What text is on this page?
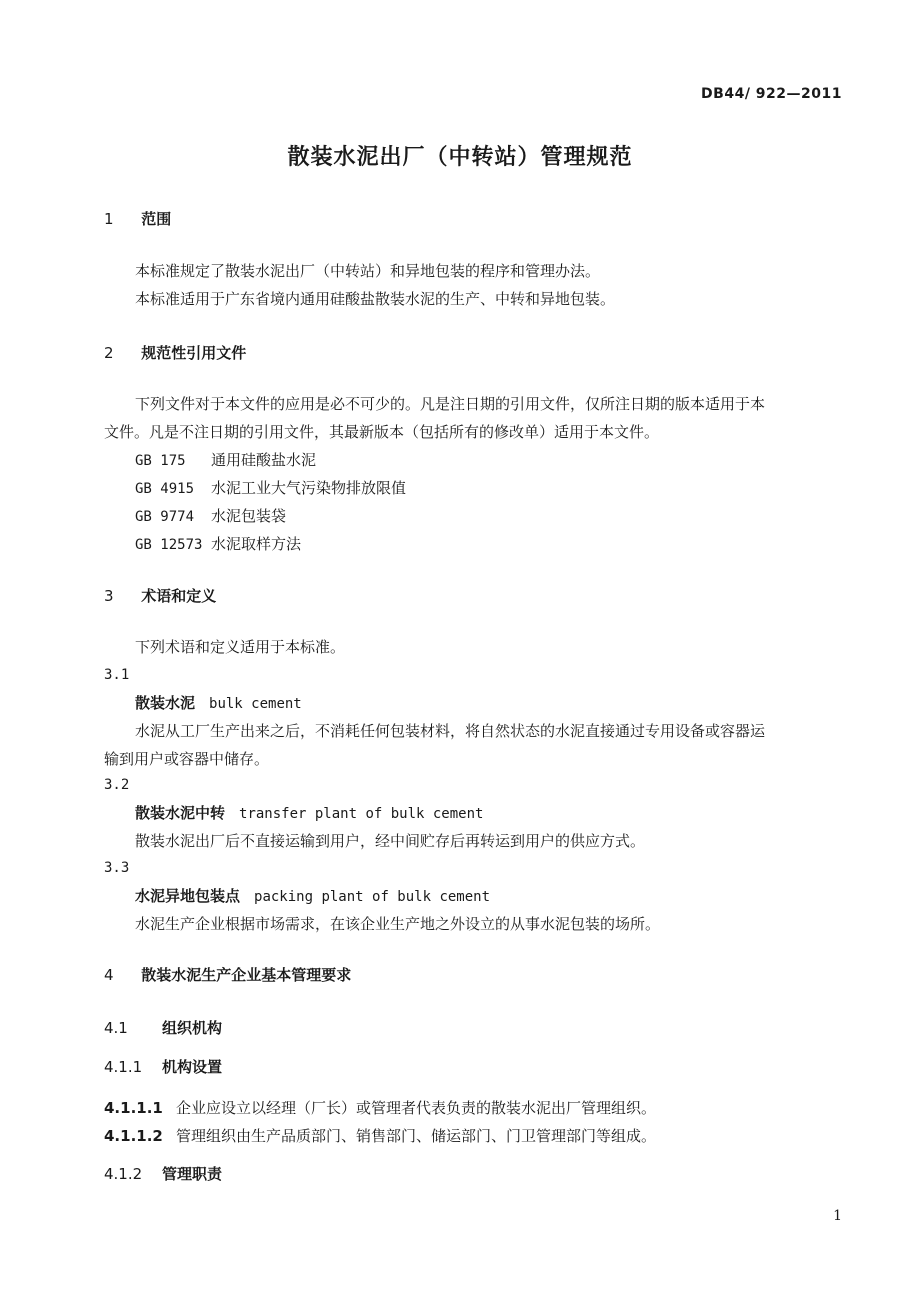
DB44/ 922—2011
散装水泥出厂（中转站）管理规范
1 范围
本标准规定了散装水泥出厂（中转站）和异地包装的程序和管理办法。
本标准适用于广东省境内通用硅酸盐散装水泥的生产、中转和异地包装。
2 规范性引用文件
下列文件对于本文件的应用是必不可少的。凡是注日期的引用文件，仅所注日期的版本适用于本
文件。凡是不注日期的引用文件，其最新版本（包括所有的修改单）适用于本文件。
GB 175 通用硅酸盐水泥
GB 4915 水泥工业大气污染物排放限值
GB 9774 水泥包装袋
GB 12573 水泥取样方法
3 术语和定义
下列术语和定义适用于本标准。
3.1
散装水泥 bulk cement
水泥从工厂生产出来之后，不消耗任何包装材料，将自然状态的水泥直接通过专用设备或容器运
输到用户或容器中储存。
3.2
散装水泥中转 transfer plant of bulk cement
散装水泥出厂后不直接运输到用户，经中间贮存后再转运到用户的供应方式。
3.3
水泥异地包装点 packing plant of bulk cement
水泥生产企业根据市场需求，在该企业生产地之外设立的从事水泥包装的场所。
4 散装水泥生产企业基本管理要求
4.1 组织机构
4.1.1 机构设置
4.1.1.1 企业应设立以经理（厂长）或管理者代表负责的散装水泥出厂管理组织。
4.1.1.2 管理组织由生产品质部门、销售部门、储运部门、门卫管理部门等组成。
4.1.2 管理职责
1
